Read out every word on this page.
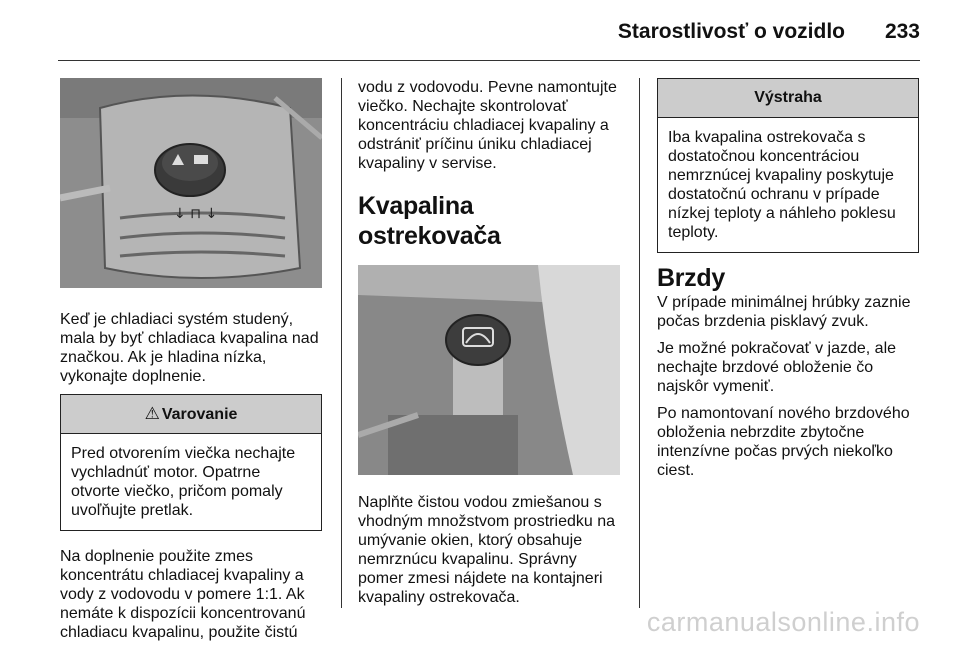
Starostlivosť o vozidlo 233
↓ ⊓ ↓

Keď je chladiaci systém studený, mala by byť chladiaca kvapalina nad značkou. Ak je hladina nízka, vykonajte doplnenie.

⚠ Varovanie
Pred otvorením viečka nechajte vychladnúť motor. Opatrne otvorte viečko, pričom pomaly uvoľňujte pretlak.

Na doplnenie použite zmes koncentrátu chladiacej kvapaliny a vody z vodovodu v pomere 1:1. Ak nemáte k dispozícii koncentrovanú chladiacu kvapalinu, použite čistú

vodu z vodovodu. Pevne namontujte viečko. Nechajte skontrolovať koncentráciu chladiacej kvapaliny a odstrániť príčinu úniku chladiacej kvapaliny v servise.

Kvapalina ostrekovača

Naplňte čistou vodou zmiešanou s vhodným množstvom prostriedku na umývanie okien, ktorý obsahuje nemrznúcu kvapalinu. Správny pomer zmesi nájdete na kontajneri kvapaliny ostrekovača.

Výstraha
Iba kvapalina ostrekovača s dostatočnou koncentráciou nemrznúcej kvapaliny poskytuje dostatočnú ochranu v prípade nízkej teploty a náhleho poklesu teploty.
Brzdy

V prípade minimálnej hrúbky zaznie počas brzdenia pisklavý zvuk.

Je možné pokračovať v jazde, ale nechajte brzdové obloženie čo najskôr vymeniť.

Po namontovaní nového brzdového obloženia nebrzdite zbytočne intenzívne počas prvých niekoľko ciest.

carmanualsonline.info
